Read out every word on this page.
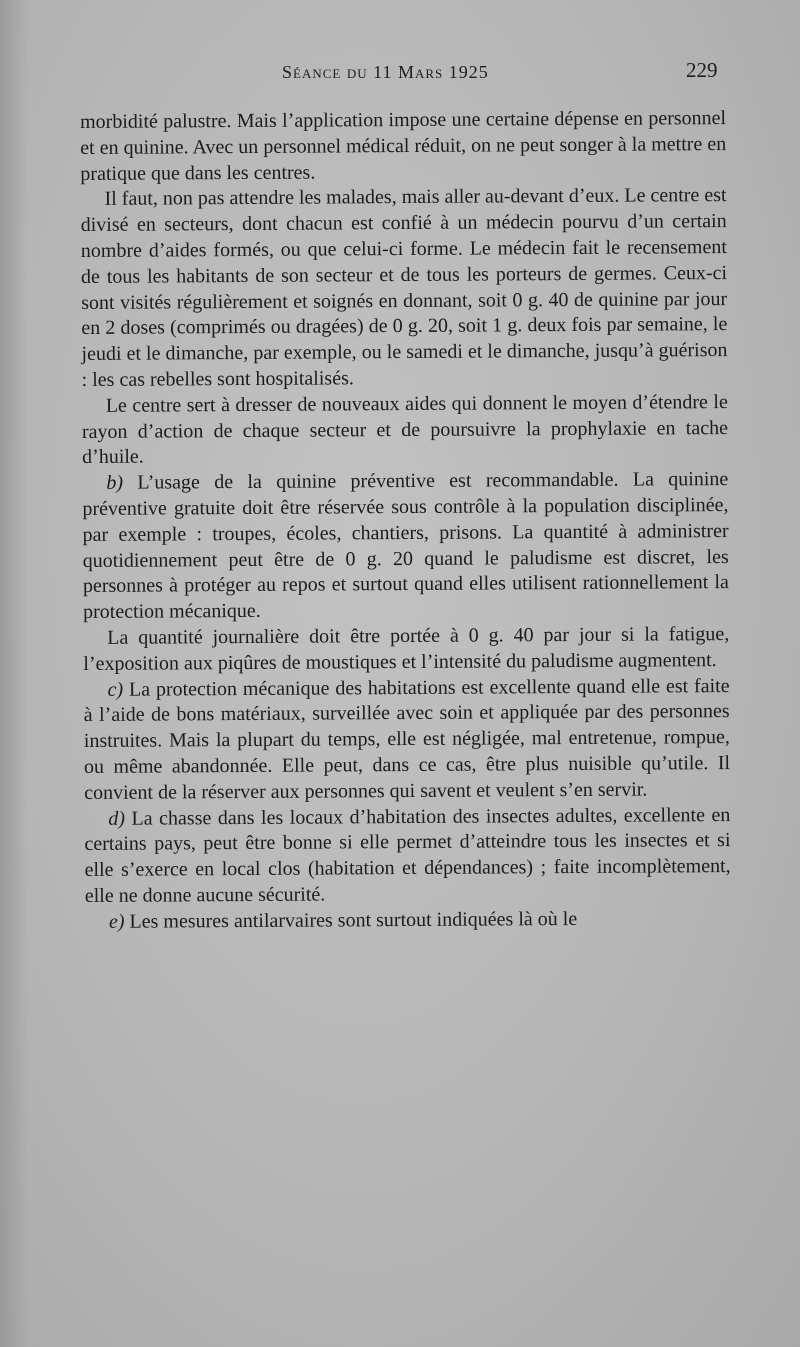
Séance du 11 Mars 1925	229

morbidité palustre. Mais l’application impose une certaine dépense en personnel et en quinine. Avec un personnel médical réduit, on ne peut songer à la mettre en pratique que dans les centres.

Il faut, non pas attendre les malades, mais aller au-devant d’eux. Le centre est divisé en secteurs, dont chacun est confié à un médecin pourvu d’un certain nombre d’aides formés, ou que celui-ci forme. Le médecin fait le recensement de tous les habitants de son secteur et de tous les porteurs de germes. Ceux-ci sont visités régulièrement et soignés en donnant, soit 0 g. 40 de quinine par jour en 2 doses (comprimés ou dragées) de 0 g. 20, soit 1 g. deux fois par semaine, le jeudi et le dimanche, par exemple, ou le samedi et le dimanche, jusqu’à guérison : les cas rebelles sont hospitalisés.

Le centre sert à dresser de nouveaux aides qui donnent le moyen d’étendre le rayon d’action de chaque secteur et de poursuivre la prophylaxie en tache d’huile.

b) L’usage de la quinine préventive est recommandable. La quinine préventive gratuite doit être réservée sous contrôle à la population disciplinée, par exemple : troupes, écoles, chantiers, prisons. La quantité à administrer quotidiennement peut être de 0 g. 20 quand le paludisme est discret, les personnes à protéger au repos et surtout quand elles utilisent rationnellement la protection mécanique.

La quantité journalière doit être portée à 0 g. 40 par jour si la fatigue, l’exposition aux piqûres de moustiques et l’intensité du paludisme augmentent.

c) La protection mécanique des habitations est excellente quand elle est faite à l’aide de bons matériaux, surveillée avec soin et appliquée par des personnes instruites. Mais la plupart du temps, elle est négligée, mal entretenue, rompue, ou même abandonnée. Elle peut, dans ce cas, être plus nuisible qu’utile. Il convient de la réserver aux personnes qui savent et veulent s’en servir.

d) La chasse dans les locaux d’habitation des insectes adultes, excellente en certains pays, peut être bonne si elle permet d’atteindre tous les insectes et si elle s’exerce en local clos (habitation et dépendances) ; faite incomplètement, elle ne donne aucune sécurité.

e) Les mesures antilarvaires sont surtout indiquées là où le
